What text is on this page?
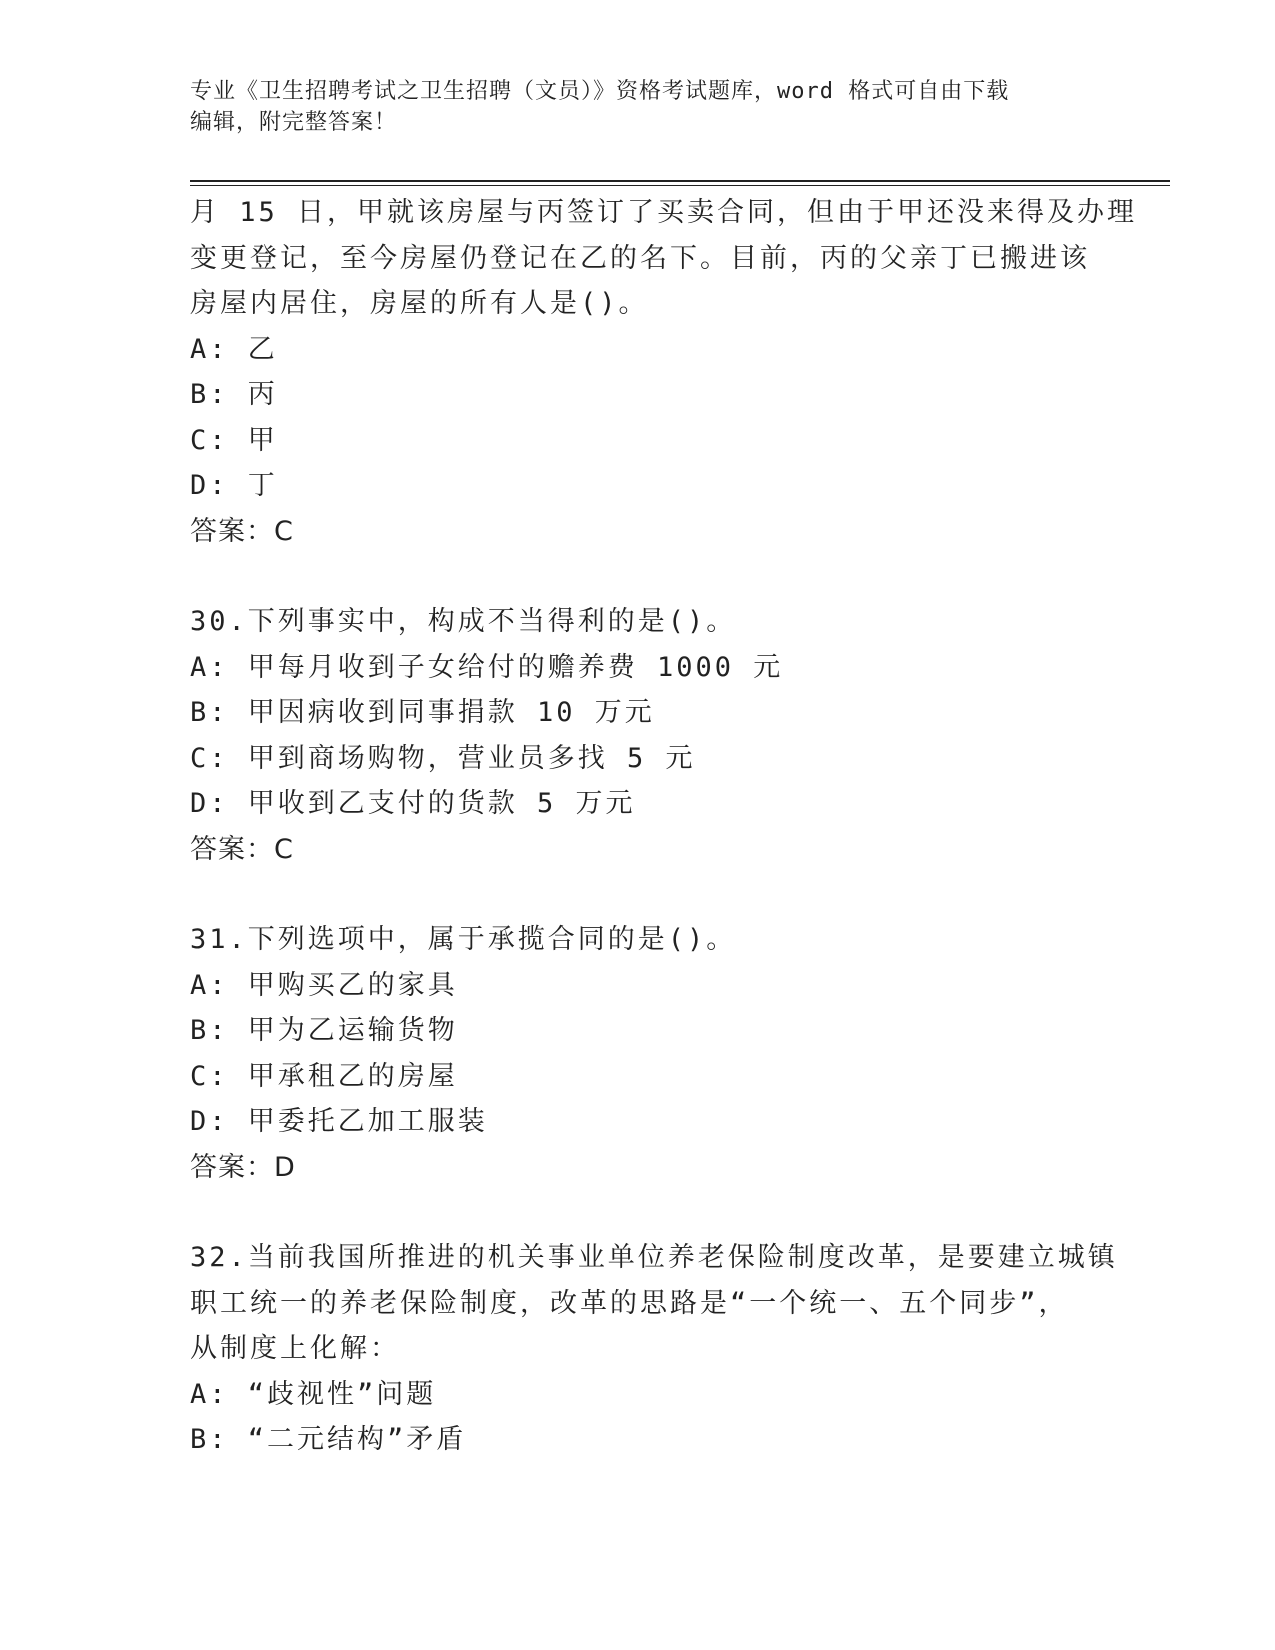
专业《卫生招聘考试之卫生招聘（文员）》资格考试题库，word 格式可自由下载
编辑，附完整答案！
月 15 日，甲就该房屋与丙签订了买卖合同，但由于甲还没来得及办理
变更登记，至今房屋仍登记在乙的名下。目前，丙的父亲丁已搬进该
房屋内居住，房屋的所有人是()。
A: 乙
B: 丙
C: 甲
D: 丁
答案：C
30.下列事实中，构成不当得利的是()。
A: 甲每月收到子女给付的赡养费 1000 元
B: 甲因病收到同事捐款 10 万元
C: 甲到商场购物，营业员多找 5 元
D: 甲收到乙支付的货款 5 万元
答案：C
31.下列选项中，属于承揽合同的是()。
A: 甲购买乙的家具
B: 甲为乙运输货物
C: 甲承租乙的房屋
D: 甲委托乙加工服装
答案：D
32.当前我国所推进的机关事业单位养老保险制度改革，是要建立城镇
职工统一的养老保险制度，改革的思路是“一个统一、五个同步”，
从制度上化解：
A: “歧视性”问题
B: “二元结构”矛盾
